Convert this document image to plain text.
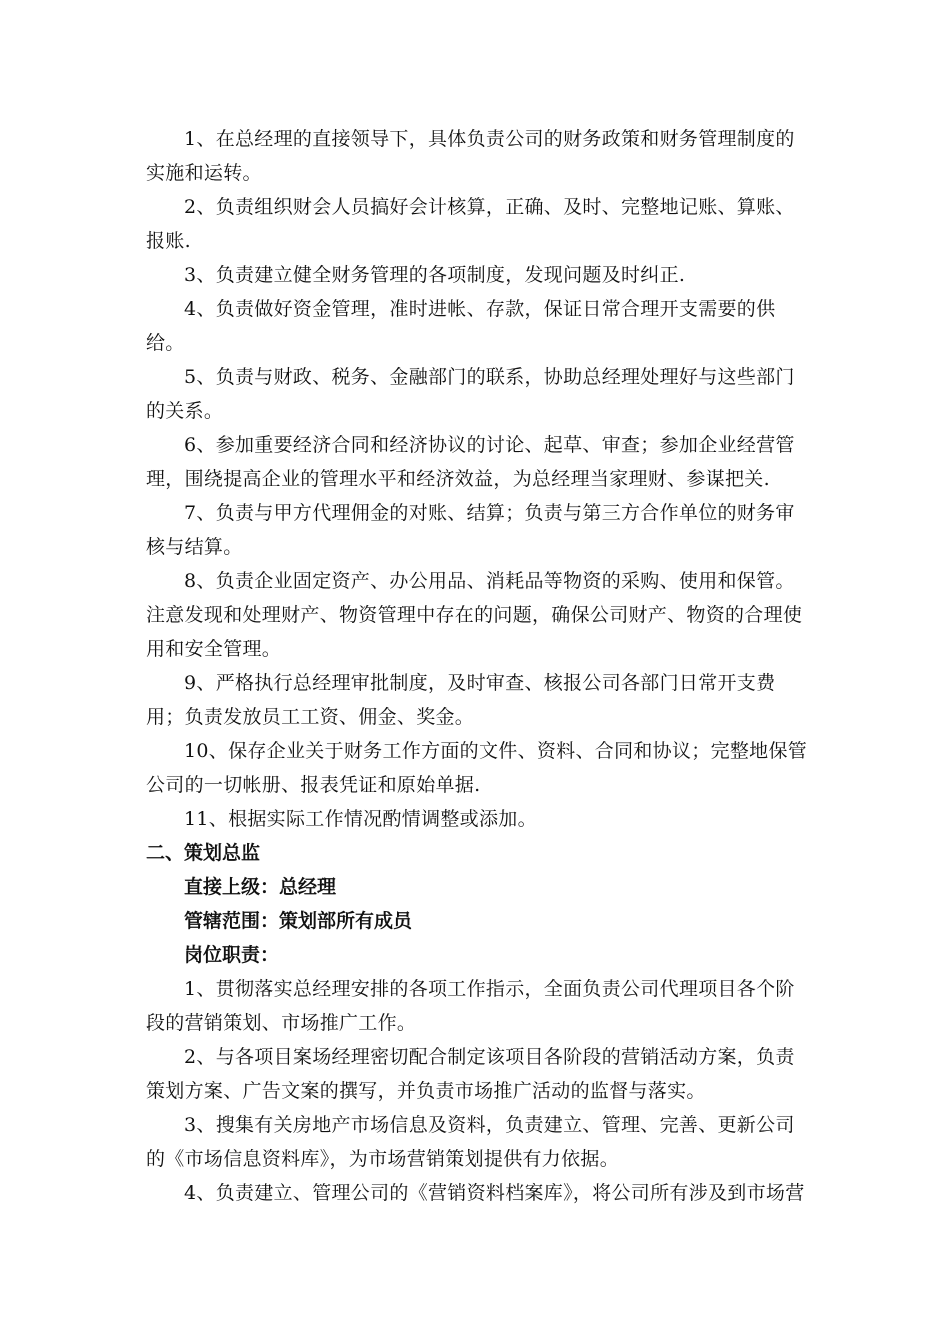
1、在总经理的直接领导下，具体负责公司的财务政策和财务管理制度的实施和运转。

2、负责组织财会人员搞好会计核算，正确、及时、完整地记账、算账、报账.

3、负责建立健全财务管理的各项制度，发现问题及时纠正.

4、负责做好资金管理，准时进帐、存款，保证日常合理开支需要的供给。

5、负责与财政、税务、金融部门的联系，协助总经理处理好与这些部门的关系。

6、参加重要经济合同和经济协议的讨论、起草、审查；参加企业经营管理，围绕提高企业的管理水平和经济效益，为总经理当家理财、参谋把关.

7、负责与甲方代理佣金的对账、结算；负责与第三方合作单位的财务审核与结算。

8、负责企业固定资产、办公用品、消耗品等物资的采购、使用和保管。注意发现和处理财产、物资管理中存在的问题，确保公司财产、物资的合理使用和安全管理。

9、严格执行总经理审批制度，及时审查、核报公司各部门日常开支费用；负责发放员工工资、佣金、奖金。

10、保存企业关于财务工作方面的文件、资料、合同和协议；完整地保管公司的一切帐册、报表凭证和原始单据.

11、根据实际工作情况酌情调整或添加。

二、策划总监

直接上级：总经理

管辖范围：策划部所有成员

岗位职责：

1、贯彻落实总经理安排的各项工作指示，全面负责公司代理项目各个阶段的营销策划、市场推广工作。

2、与各项目案场经理密切配合制定该项目各阶段的营销活动方案，负责策划方案、广告文案的撰写，并负责市场推广活动的监督与落实。

3、搜集有关房地产市场信息及资料，负责建立、管理、完善、更新公司的《市场信息资料库》，为市场营销策划提供有力依据。

4、负责建立、管理公司的《营销资料档案库》，将公司所有涉及到市场营
